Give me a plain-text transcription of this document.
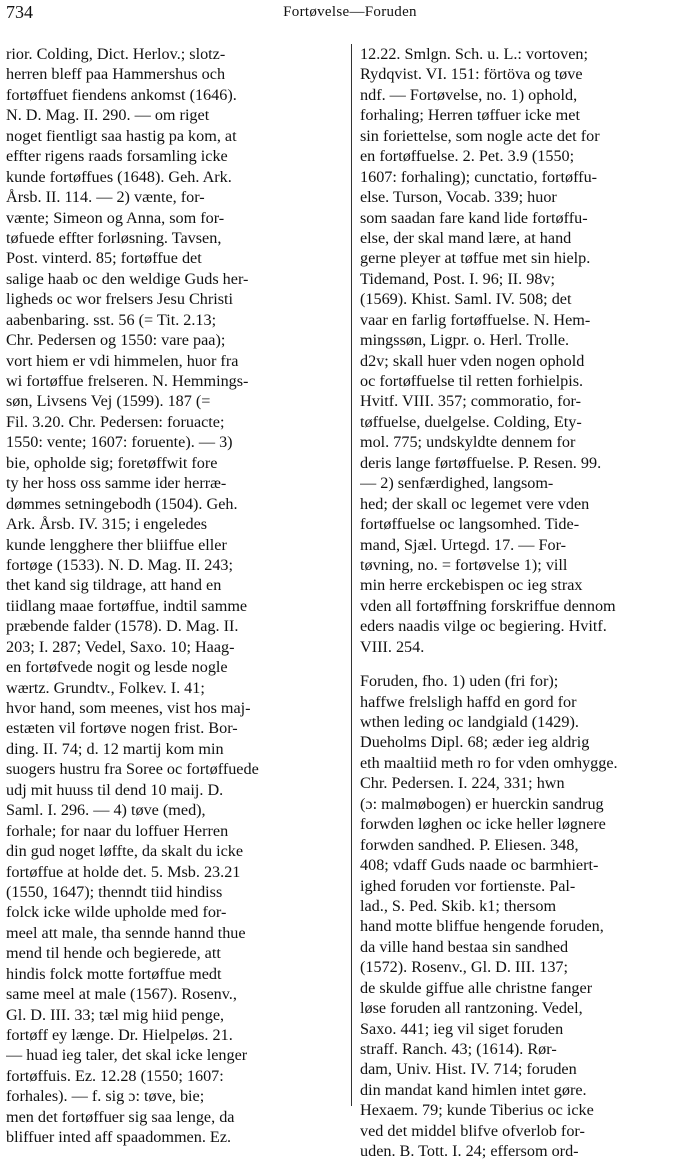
734	Fortøvelse—Foruden
rior. Colding, Dict. Herlov.; slotz-
herren bleff paa Hammershus och
fortøffuet fiendens ankomst (1646).
N. D. Mag. II. 290. — om riget
noget fientligt saa hastig pa kom, at
effter rigens raads forsamling icke
kunde fortøffues (1648). Geh. Ark.
Årsb. II. 114. — 2) vænte, for-
vænte; Simeon og Anna, som for-
tøfuede effter forløsning. Tavsen,
Post. vinterd. 85; fortøffue det
salige haab oc den weldige Guds her-
ligheds oc wor frelsers Jesu Christi
aabenbaring. sst. 56 (= Tit. 2.13;
Chr. Pedersen og 1550: vare paa);
vort hiem er vdi himmelen, huor fra
wi fortøffue frelseren. N. Hemmings-
søn, Livsens Vej (1599). 187 (=
Fil. 3.20. Chr. Pedersen: foruacte;
1550: vente; 1607: foruente). — 3)
bie, opholde sig; foretøffwit fore
ty her hoss oss samme ider herræ-
dømmes setningebodh (1504). Geh.
Ark. Årsb. IV. 315; i engeledes
kunde lengghere ther bliiffue eller
fortøge (1533). N. D. Mag. II. 243;
thet kand sig tildrage, att hand en
tiidlang maae fortøffue, indtil samme
præbende falder (1578). D. Mag. II.
203; I. 287; Vedel, Saxo. 10; Haag-
en fortøfvede nogit og lesde nogle
wærtz. Grundtv., Folkev. I. 41;
hvor hand, som meenes, vist hos maj-
estæten vil fortøve nogen frist. Bor-
ding. II. 74; d. 12 martij kom min
suogers hustru fra Soree oc fortøffuede
udj mit huuss til dend 10 maij. D.
Saml. I. 296. — 4) tøve (med),
forhale; for naar du loffuer Herren
din gud noget løffte, da skalt du icke
fortøffue at holde det. 5. Msb. 23.21
(1550, 1647); thenndt tiid hindiss
folck icke wilde upholde med for-
meel att male, tha sennde hannd thue
mend til hende och begierede, att
hindis folck motte fortøffue medt
same meel at male (1567). Rosenv.,
Gl. D. III. 33; tæl mig hiid penge,
fortøff ey længe. Dr. Hielpeløs. 21.
— huad ieg taler, det skal icke lenger
fortøffuis. Ez. 12.28 (1550; 1607:
forhales). — f. sig ɔ: tøve, bie;
men det fortøffuer sig saa lenge, da
bliffuer inted aff spaadommen. Ez.
12.22. Smlgn. Sch. u. L.: vortoven;
Rydqvist. VI. 151: förtöva og tøve
ndf. — Fortøvelse, no. 1) ophold,
forhaling; Herren tøffuer icke met
sin foriettelse, som nogle acte det for
en fortøffuelse. 2. Pet. 3.9 (1550;
1607: forhaling); cunctatio, fortøffu-
else. Turson, Vocab. 339; huor
som saadan fare kand lide fortøffu-
else, der skal mand lære, at hand
gerne pleyer at tøffue met sin hielp.
Tidemand, Post. I. 96; II. 98v;
(1569). Khist. Saml. IV. 508; det
vaar en farlig fortøffuelse. N. Hem-
mingssøn, Ligpr. o. Herl. Trolle.
d2v; skall huer vden nogen ophold
oc fortøffuelse til retten forhielpis.
Hvitf. VIII. 357; commoratio, for-
tøffuelse, duelgelse. Colding, Ety-
mol. 775; undskyldte dennem for
deris lange førtøffuelse. P. Resen. 99.
— 2) senfærdighed, langsom-
hed; der skall oc legemet vere vden
fortøffuelse oc langsomhed. Tide-
mand, Sjæl. Urtegd. 17. — For-
tøvning, no. = fortøvelse 1); vill
min herre erckebispen oc ieg strax
vden all fortøffning forskriffue dennom
eders naadis vilge oc begiering. Hvitf.
VIII. 254.
Foruden, fho. 1) uden (fri for);
haffwe frelsligh haffd en gord for
wthen leding oc landgiald (1429).
Dueholms Dipl. 68; æder ieg aldrig
eth maaltiid meth ro for vden omhygge.
Chr. Pedersen. I. 224, 331; hwn
(ɔ: malmøbogen) er huerckin sandrug
forwden løghen oc icke heller løgnere
forwden sandhed. P. Eliesen. 348,
408; vdaff Guds naade oc barmhiert-
ighed foruden vor fortienste. Pal-
lad., S. Ped. Skib. k1; thersom
hand motte bliffue hengende foruden,
da ville hand bestaa sin sandhed
(1572). Rosenv., Gl. D. III. 137;
de skulde giffue alle christne fanger
løse foruden all rantzoning. Vedel,
Saxo. 441; ieg vil siget foruden
straff. Ranch. 43; (1614). Rør-
dam, Univ. Hist. IV. 714; foruden
din mandat kand himlen intet gøre.
Hexaem. 79; kunde Tiberius oc icke
ved det middel blifve ofverlob for-
uden. B. Tott. I. 24; effersom ord-
